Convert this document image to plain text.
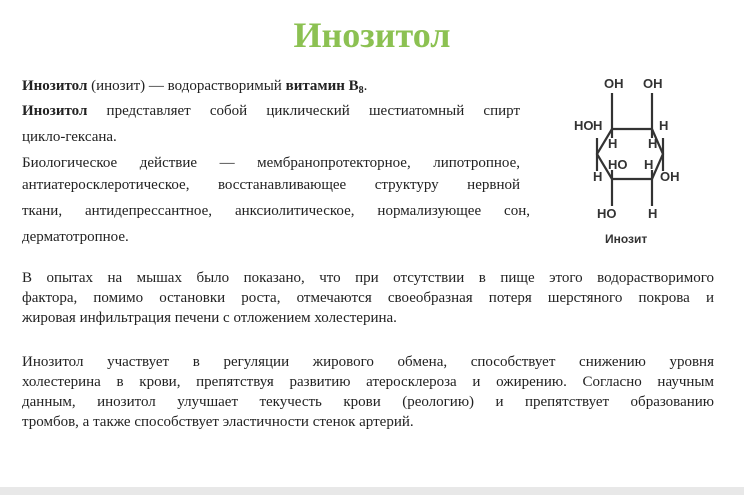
Инозитол
Инозитол (инозит) — водорастворимый витамин $B_8$.
Инозитол представляет собой циклический шестиатомный спирт
цикло-гексана.
Биологическое действие — мембранопротекторное, липотропное,
антиатеросклеротическое, восстанавливающее структуру нервной
ткани, антидепрессантное, анксиолитическое, нормализующее сон,
дерматотропное.
В опытах на мышах было показано, что при отсутствии в пище этого водорастворимого
фактора, помимо остановки роста, отмечаются своеобразная потеря шерстяного покрова и
жировая инфильтрация печени с отложением холестерина.
Инозитол участвует в регуляции жирового обмена, способствует снижению уровня
холестерина в крови, препятствуя развитию атеросклероза и ожирению. Согласно научным
данным, инозитол улучшает текучесть крови (реологию) и препятствует образованию
тромбов, а также способствует эластичности стенок артерий.
OH OH
HO H
H H
H
HO
H
H
OH
HO H
Инозит
